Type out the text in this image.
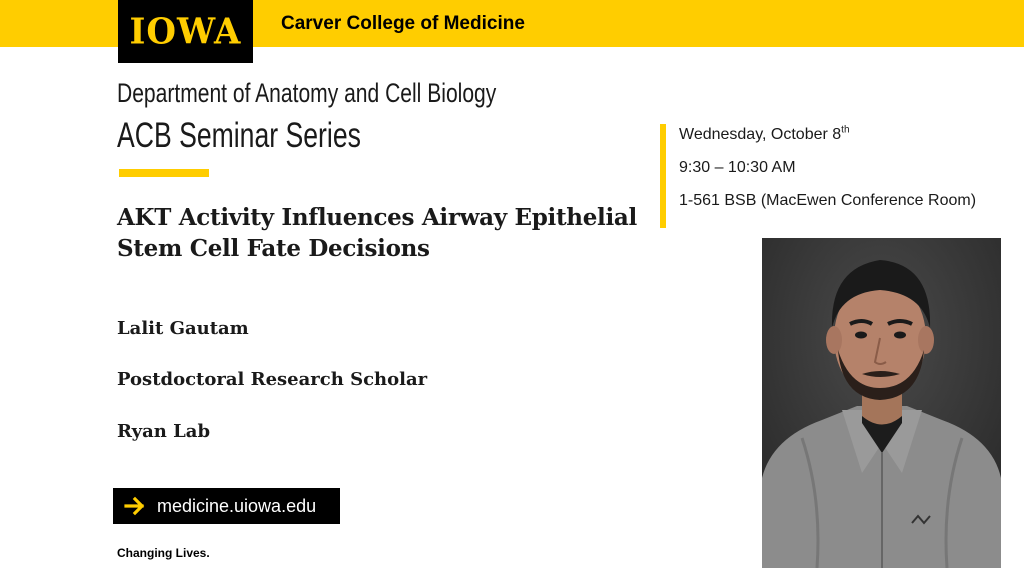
IOWA Carver College of Medicine
Department of Anatomy and Cell Biology
ACB Seminar Series
AKT Activity Influences Airway Epithelial
Stem Cell Fate Decisions
Lalit Gautam
Postdoctoral Research Scholar
Ryan Lab
medicine.uiowa.edu
Changing Lives.
Wednesday, October 8th
9:30 – 10:30 AM
1-561 BSB (MacEwen Conference Room)
